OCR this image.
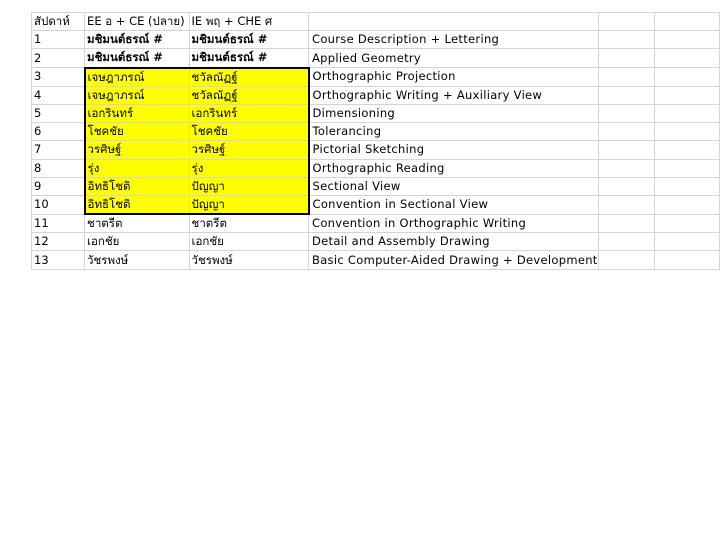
สัปดาห์	EE อ + CE (ปลาย)	IE พฤ + CHE ศ			
1	มชิมนต์ธรณ์ #	มชิมนต์ธรณ์ #	Course Description + Lettering		
2	มชิมนต์ธรณ์ #	มชิมนต์ธรณ์ #	Applied Geometry		
3	เจษฎาภรณ์	ชวัลณัฏฐ์	Orthographic Projection		
4	เจษฎาภรณ์	ชวัลณัฏฐ์	Orthographic Writing + Auxiliary View		
5	เอกรินทร์	เอกรินทร์	Dimensioning		
6	โชคชัย	โชคชัย	Tolerancing		
7	วรศิษฐ์	วรศิษฐ์	Pictorial Sketching		
8	รุ่ง	รุ่ง	Orthographic Reading		
9	อิทธิโชติ	ปัญญา	Sectional View		
10	อิทธิโชติ	ปัญญา	Convention in Sectional View		
11	ชาตรีต	ชาตรีต	Convention in Orthographic Writing		
12	เอกชัย	เอกชัย	Detail and Assembly Drawing		
13	วัชรพงษ์	วัชรพงษ์	Basic Computer-Aided Drawing + Development		
